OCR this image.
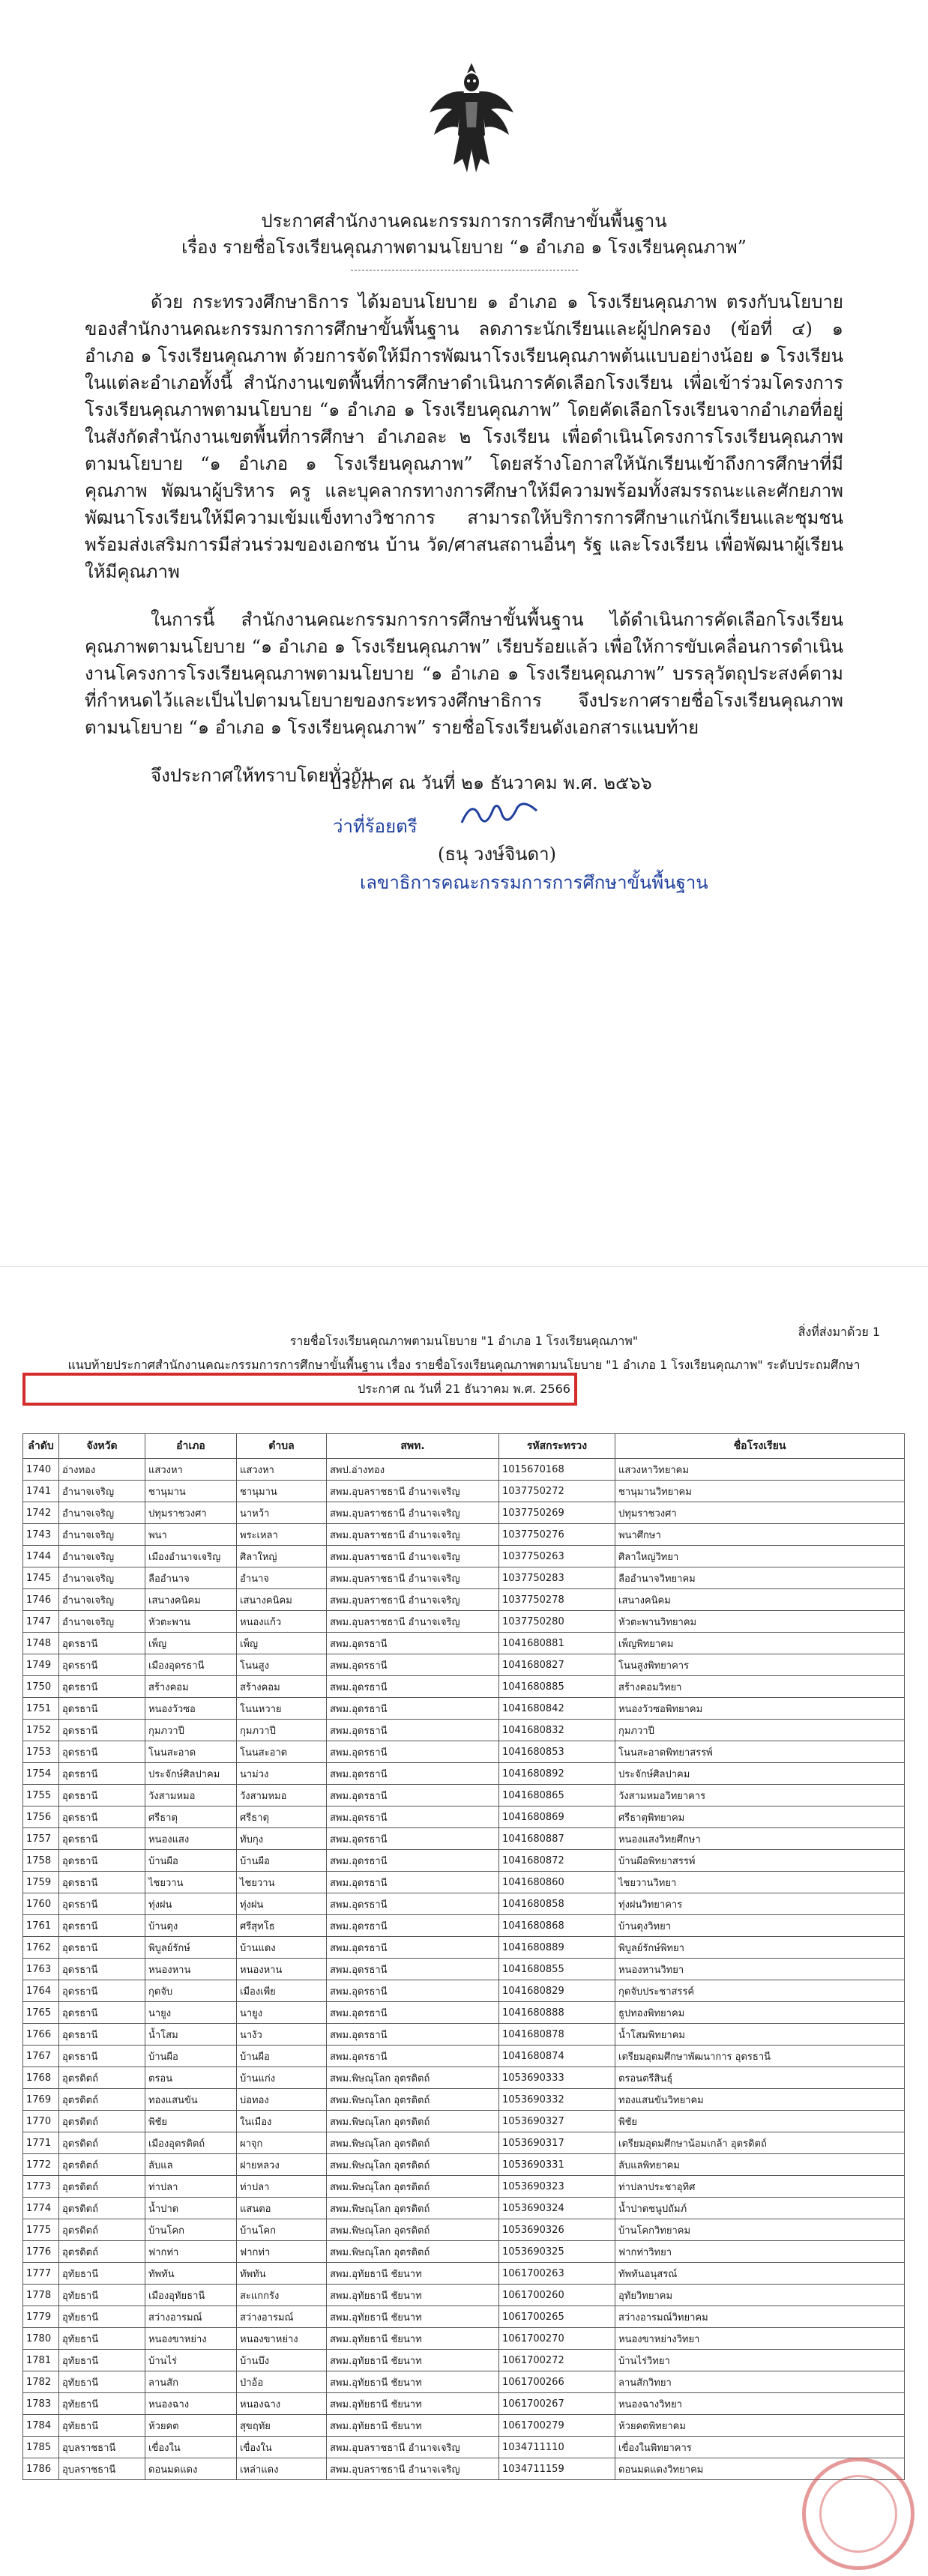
ประกาศสำนักงานคณะกรรมการการศึกษาขั้นพื้นฐาน
เรื่อง รายชื่อโรงเรียนคุณภาพตามนโยบาย “๑ อำเภอ ๑ โรงเรียนคุณภาพ”

ด้วย กระทรวงศึกษาธิการ ได้มอบนโยบาย ๑ อำเภอ ๑ โรงเรียนคุณภาพ ตรงกับนโยบายของสำนักงานคณะกรรมการการศึกษาขั้นพื้นฐาน ลดภาระนักเรียนและผู้ปกครอง (ข้อที่ ๔) ๑ อำเภอ ๑ โรงเรียนคุณภาพ ด้วยการจัดให้มีการพัฒนาโรงเรียนคุณภาพต้นแบบอย่างน้อย ๑ โรงเรียนในแต่ละอำเภอทั้งนี้ สำนักงานเขตพื้นที่การศึกษาดำเนินการคัดเลือกโรงเรียน เพื่อเข้าร่วมโครงการโรงเรียนคุณภาพตามนโยบาย “๑ อำเภอ ๑ โรงเรียนคุณภาพ” โดยคัดเลือกโรงเรียนจากอำเภอที่อยู่ในสังกัดสำนักงานเขตพื้นที่การศึกษา อำเภอละ ๒ โรงเรียน เพื่อดำเนินโครงการโรงเรียนคุณภาพตามนโยบาย “๑ อำเภอ ๑ โรงเรียนคุณภาพ” โดยสร้างโอกาสให้นักเรียนเข้าถึงการศึกษาที่มีคุณภาพ พัฒนาผู้บริหาร ครู และบุคลากรทางการศึกษาให้มีความพร้อมทั้งสมรรถนะและศักยภาพ พัฒนาโรงเรียนให้มีความเข้มแข็งทางวิชาการ สามารถให้บริการการศึกษาแก่นักเรียนและชุมชน พร้อมส่งเสริมการมีส่วนร่วมของเอกชน บ้าน วัด/ศาสนสถานอื่นๆ รัฐ และโรงเรียน เพื่อพัฒนาผู้เรียนให้มีคุณภาพ

ในการนี้ สำนักงานคณะกรรมการการศึกษาขั้นพื้นฐาน ได้ดำเนินการคัดเลือกโรงเรียนคุณภาพตามนโยบาย “๑ อำเภอ ๑ โรงเรียนคุณภาพ” เรียบร้อยแล้ว เพื่อให้การขับเคลื่อนการดำเนินงานโครงการโรงเรียนคุณภาพตามนโยบาย “๑ อำเภอ ๑ โรงเรียนคุณภาพ” บรรลุวัตถุประสงค์ตามที่กำหนดไว้และเป็นไปตามนโยบายของกระทรวงศึกษาธิการ จึงประกาศรายชื่อโรงเรียนคุณภาพตามนโยบาย “๑ อำเภอ ๑ โรงเรียนคุณภาพ” รายชื่อโรงเรียนดังเอกสารแนบท้าย

จึงประกาศให้ทราบโดยทั่วกัน

ประกาศ ณ วันที่ ๒๑ ธันวาคม พ.ศ. ๒๕๖๖
ว่าที่ร้อยตรี
(ธนุ วงษ์จินดา)
เลขาธิการคณะกรรมการการศึกษาขั้นพื้นฐาน
สิ่งที่ส่งมาด้วย 1
รายชื่อโรงเรียนคุณภาพตามนโยบาย "1 อำเภอ 1 โรงเรียนคุณภาพ"
แนบท้ายประกาศสำนักงานคณะกรรมการการศึกษาขั้นพื้นฐาน เรื่อง รายชื่อโรงเรียนคุณภาพตามนโยบาย "1 อำเภอ 1 โรงเรียนคุณภาพ" ระดับประถมศึกษา
ประกาศ ณ วันที่ 21 ธันวาคม พ.ศ. 2566
ลำดับ	จังหวัด	อำเภอ	ตำบล	สพท.	รหัสกระทรวง	ชื่อโรงเรียน
1740	อ่างทอง	แสวงหา	แสวงหา	สพป.อ่างทอง	1015670168	แสวงหาวิทยาคม
1741	อำนาจเจริญ	ชานุมาน	ชานุมาน	สพม.อุบลราชธานี อำนาจเจริญ	1037750272	ชานุมานวิทยาคม
1742	อำนาจเจริญ	ปทุมราชวงศา	นาหว้า	สพม.อุบลราชธานี อำนาจเจริญ	1037750269	ปทุมราชวงศา
1743	อำนาจเจริญ	พนา	พระเหลา	สพม.อุบลราชธานี อำนาจเจริญ	1037750276	พนาศึกษา
1744	อำนาจเจริญ	เมืองอำนาจเจริญ	ศิลาใหญ่	สพม.อุบลราชธานี อำนาจเจริญ	1037750263	ศิลาใหญ่วิทยา
1745	อำนาจเจริญ	ลืออำนาจ	อำนาจ	สพม.อุบลราชธานี อำนาจเจริญ	1037750283	ลืออำนาจวิทยาคม
1746	อำนาจเจริญ	เสนางคนิคม	เสนางคนิคม	สพม.อุบลราชธานี อำนาจเจริญ	1037750278	เสนางคนิคม
1747	อำนาจเจริญ	หัวตะพาน	หนองแก้ว	สพม.อุบลราชธานี อำนาจเจริญ	1037750280	หัวตะพานวิทยาคม
1748	อุดรธานี	เพ็ญ	เพ็ญ	สพม.อุดรธานี	1041680881	เพ็ญพิทยาคม
1749	อุดรธานี	เมืองอุดรธานี	โนนสูง	สพม.อุดรธานี	1041680827	โนนสูงพิทยาคาร
1750	อุดรธานี	สร้างคอม	สร้างคอม	สพม.อุดรธานี	1041680885	สร้างคอมวิทยา
1751	อุดรธานี	หนองวัวซอ	โนนหวาย	สพม.อุดรธานี	1041680842	หนองวัวซอพิทยาคม
1752	อุดรธานี	กุมภวาปี	กุมภวาปี	สพม.อุดรธานี	1041680832	กุมภวาปี
1753	อุดรธานี	โนนสะอาด	โนนสะอาด	สพม.อุดรธานี	1041680853	โนนสะอาดพิทยาสรรพ์
1754	อุดรธานี	ประจักษ์ศิลปาคม	นาม่วง	สพม.อุดรธานี	1041680892	ประจักษ์ศิลปาคม
1755	อุดรธานี	วังสามหมอ	วังสามหมอ	สพม.อุดรธานี	1041680865	วังสามหมอวิทยาคาร
1756	อุดรธานี	ศรีธาตุ	ศรีธาตุ	สพม.อุดรธานี	1041680869	ศรีธาตุพิทยาคม
1757	อุดรธานี	หนองแสง	ทับกุง	สพม.อุดรธานี	1041680887	หนองแสงวิทยศึกษา
1758	อุดรธานี	บ้านผือ	บ้านผือ	สพม.อุดรธานี	1041680872	บ้านผือพิทยาสรรพ์
1759	อุดรธานี	ไชยวาน	ไชยวาน	สพม.อุดรธานี	1041680860	ไชยวานวิทยา
1760	อุดรธานี	ทุ่งฝน	ทุ่งฝน	สพม.อุดรธานี	1041680858	ทุ่งฝนวิทยาคาร
1761	อุดรธานี	บ้านดุง	ศรีสุทโธ	สพม.อุดรธานี	1041680868	บ้านดุงวิทยา
1762	อุดรธานี	พิบูลย์รักษ์	บ้านแดง	สพม.อุดรธานี	1041680889	พิบูลย์รักษ์พิทยา
1763	อุดรธานี	หนองหาน	หนองหาน	สพม.อุดรธานี	1041680855	หนองหานวิทยา
1764	อุดรธานี	กุดจับ	เมืองเพีย	สพม.อุดรธานี	1041680829	กุดจับประชาสรรค์
1765	อุดรธานี	นายูง	นายูง	สพม.อุดรธานี	1041680888	ธูปทองพิทยาคม
1766	อุดรธานี	น้ำโสม	นางัว	สพม.อุดรธานี	1041680878	น้ำโสมพิทยาคม
1767	อุดรธานี	บ้านผือ	บ้านผือ	สพม.อุดรธานี	1041680874	เตรียมอุดมศึกษาพัฒนาการ อุดรธานี
1768	อุตรดิตถ์	ตรอน	บ้านแก่ง	สพม.พิษณุโลก อุตรดิตถ์	1053690333	ตรอนตรีสินธุ์
1769	อุตรดิตถ์	ทองแสนขัน	บ่อทอง	สพม.พิษณุโลก อุตรดิตถ์	1053690332	ทองแสนขันวิทยาคม
1770	อุตรดิตถ์	พิชัย	ในเมือง	สพม.พิษณุโลก อุตรดิตถ์	1053690327	พิชัย
1771	อุตรดิตถ์	เมืองอุตรดิตถ์	ผาจุก	สพม.พิษณุโลก อุตรดิตถ์	1053690317	เตรียมอุดมศึกษาน้อมเกล้า อุตรดิตถ์
1772	อุตรดิตถ์	ลับแล	ฝายหลวง	สพม.พิษณุโลก อุตรดิตถ์	1053690331	ลับแลพิทยาคม
1773	อุตรดิตถ์	ท่าปลา	ท่าปลา	สพม.พิษณุโลก อุตรดิตถ์	1053690323	ท่าปลาประชาอุทิศ
1774	อุตรดิตถ์	น้ำปาด	แสนตอ	สพม.พิษณุโลก อุตรดิตถ์	1053690324	น้ำปาดชนูปถัมภ์
1775	อุตรดิตถ์	บ้านโคก	บ้านโคก	สพม.พิษณุโลก อุตรดิตถ์	1053690326	บ้านโคกวิทยาคม
1776	อุตรดิตถ์	ฟากท่า	ฟากท่า	สพม.พิษณุโลก อุตรดิตถ์	1053690325	ฟากท่าวิทยา
1777	อุทัยธานี	ทัพทัน	ทัพทัน	สพม.อุทัยธานี ชัยนาท	1061700263	ทัพทันอนุสรณ์
1778	อุทัยธานี	เมืองอุทัยธานี	สะแกกรัง	สพม.อุทัยธานี ชัยนาท	1061700260	อุทัยวิทยาคม
1779	อุทัยธานี	สว่างอารมณ์	สว่างอารมณ์	สพม.อุทัยธานี ชัยนาท	1061700265	สว่างอารมณ์วิทยาคม
1780	อุทัยธานี	หนองขาหย่าง	หนองขาหย่าง	สพม.อุทัยธานี ชัยนาท	1061700270	หนองขาหย่างวิทยา
1781	อุทัยธานี	บ้านไร่	บ้านบึง	สพม.อุทัยธานี ชัยนาท	1061700272	บ้านไร่วิทยา
1782	อุทัยธานี	ลานสัก	ป่าอ้อ	สพม.อุทัยธานี ชัยนาท	1061700266	ลานสักวิทยา
1783	อุทัยธานี	หนองฉาง	หนองฉาง	สพม.อุทัยธานี ชัยนาท	1061700267	หนองฉางวิทยา
1784	อุทัยธานี	ห้วยคต	สุขฤทัย	สพม.อุทัยธานี ชัยนาท	1061700279	ห้วยคตพิทยาคม
1785	อุบลราชธานี	เขื่องใน	เขื่องใน	สพม.อุบลราชธานี อำนาจเจริญ	1034711110	เขื่องในพิทยาคาร
1786	อุบลราชธานี	ดอนมดแดง	เหล่าแดง	สพม.อุบลราชธานี อำนาจเจริญ	1034711159	ดอนมดแดงวิทยาคม
